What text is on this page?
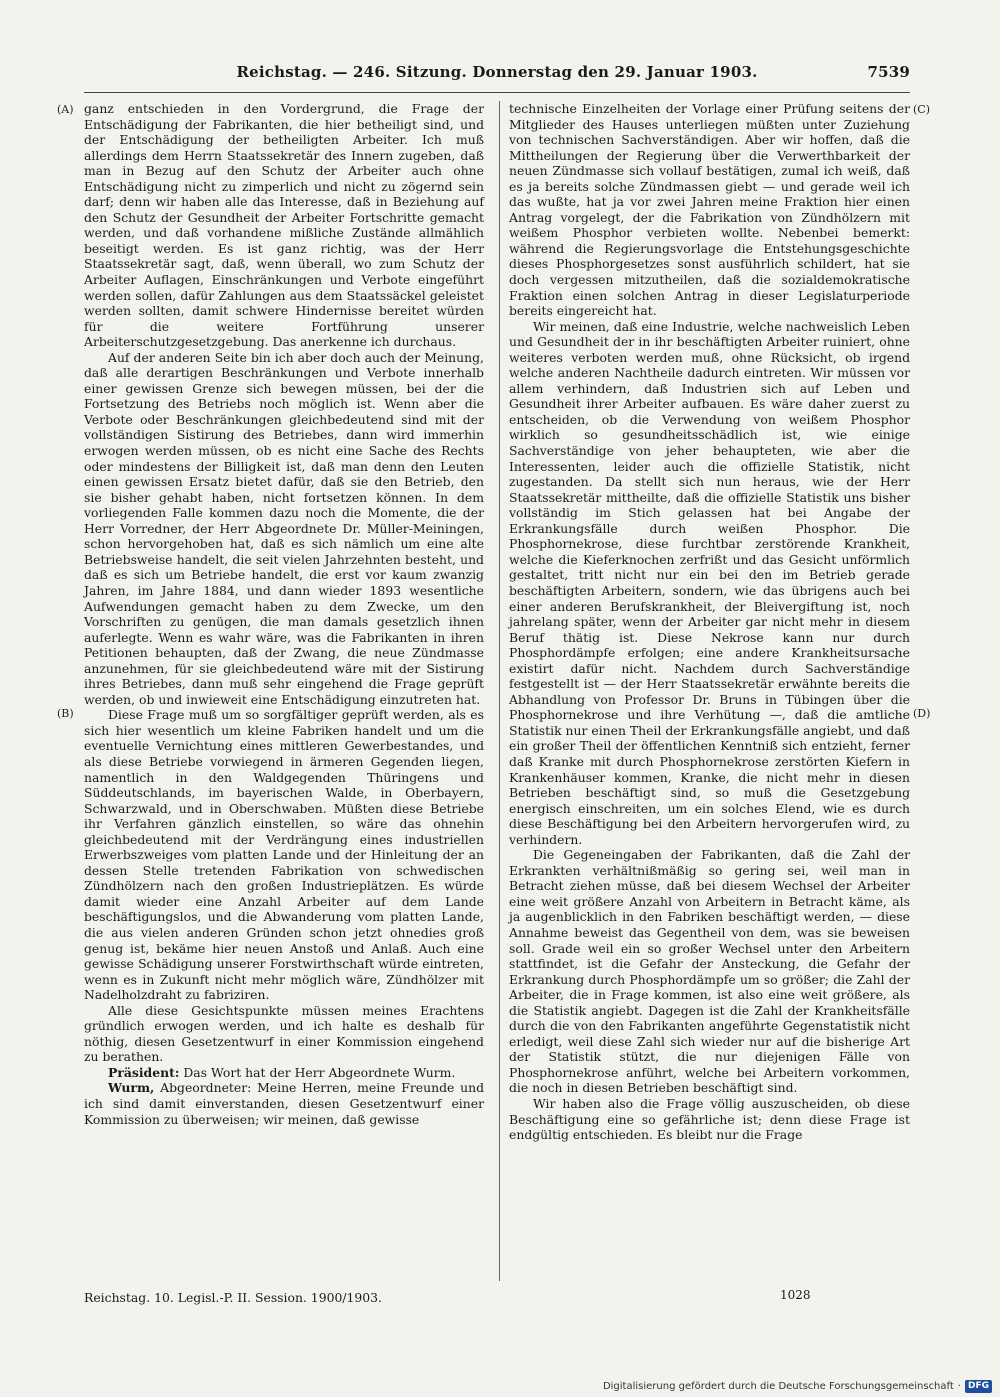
Reichstag. — 246. Sitzung. Donnerstag den 29. Januar 1903.	7539
(A)
(B)
(C)
(D)

ganz entschieden in den Vordergrund, die Frage der Entschädigung der Fabrikanten, die hier betheiligt sind, und der Entschädigung der betheiligten Arbeiter. Ich muß allerdings dem Herrn Staatssekretär des Innern zugeben, daß man in Bezug auf den Schutz der Arbeiter auch ohne Entschädigung nicht zu zimperlich und nicht zu zögernd sein darf; denn wir haben alle das Interesse, daß in Beziehung auf den Schutz der Gesundheit der Arbeiter Fortschritte gemacht werden, und daß vorhandene mißliche Zustände allmählich beseitigt werden. Es ist ganz richtig, was der Herr Staatssekretär sagt, daß, wenn überall, wo zum Schutz der Arbeiter Auflagen, Einschränkungen und Verbote eingeführt werden sollen, dafür Zahlungen aus dem Staatssäckel geleistet werden sollten, damit schwere Hindernisse bereitet würden für die weitere Fortführung unserer Arbeiterschutzgesetzgebung. Das anerkenne ich durchaus.

Auf der anderen Seite bin ich aber doch auch der Meinung, daß alle derartigen Beschränkungen und Verbote innerhalb einer gewissen Grenze sich bewegen müssen, bei der die Fortsetzung des Betriebs noch möglich ist. Wenn aber die Verbote oder Beschränkungen gleichbedeutend sind mit der vollständigen Sistirung des Betriebes, dann wird immerhin erwogen werden müssen, ob es nicht eine Sache des Rechts oder mindestens der Billigkeit ist, daß man denn den Leuten einen gewissen Ersatz bietet dafür, daß sie den Betrieb, den sie bisher gehabt haben, nicht fortsetzen können. In dem vorliegenden Falle kommen dazu noch die Momente, die der Herr Vorredner, der Herr Abgeordnete Dr. Müller-Meiningen, schon hervorgehoben hat, daß es sich nämlich um eine alte Betriebsweise handelt, die seit vielen Jahrzehnten besteht, und daß es sich um Betriebe handelt, die erst vor kaum zwanzig Jahren, im Jahre 1884, und dann wieder 1893 wesentliche Aufwendungen gemacht haben zu dem Zwecke, um den Vorschriften zu genügen, die man damals gesetzlich ihnen auferlegte. Wenn es wahr wäre, was die Fabrikanten in ihren Petitionen behaupten, daß der Zwang, die neue Zündmasse anzunehmen, für sie gleichbedeutend wäre mit der Sistirung ihres Betriebes, dann muß sehr eingehend die Frage geprüft werden, ob und inwieweit eine Entschädigung einzutreten hat.

Diese Frage muß um so sorgfältiger geprüft werden, als es sich hier wesentlich um kleine Fabriken handelt und um die eventuelle Vernichtung eines mittleren Gewerbestandes, und als diese Betriebe vorwiegend in ärmeren Gegenden liegen, namentlich in den Waldgegenden Thüringens und Süddeutschlands, im bayerischen Walde, in Oberbayern, Schwarzwald, und in Oberschwaben. Müßten diese Betriebe ihr Verfahren gänzlich einstellen, so wäre das ohnehin gleichbedeutend mit der Verdrängung eines industriellen Erwerbszweiges vom platten Lande und der Hinleitung der an dessen Stelle tretenden Fabrikation von schwedischen Zündhölzern nach den großen Industrieplätzen. Es würde damit wieder eine Anzahl Arbeiter auf dem Lande beschäftigungslos, und die Abwanderung vom platten Lande, die aus vielen anderen Gründen schon jetzt ohnedies groß genug ist, bekäme hier neuen Anstoß und Anlaß. Auch eine gewisse Schädigung unserer Forstwirthschaft würde eintreten, wenn es in Zukunft nicht mehr möglich wäre, Zündhölzer mit Nadelholzdraht zu fabriziren.

Alle diese Gesichtspunkte müssen meines Erachtens gründlich erwogen werden, und ich halte es deshalb für nöthig, diesen Gesetzentwurf in einer Kommission eingehend zu berathen.

Präsident: Das Wort hat der Herr Abgeordnete Wurm.

Wurm, Abgeordneter: Meine Herren, meine Freunde und ich sind damit einverstanden, diesen Gesetzentwurf einer Kommission zu überweisen; wir meinen, daß gewisse

technische Einzelheiten der Vorlage einer Prüfung seitens der Mitglieder des Hauses unterliegen müßten unter Zuziehung von technischen Sachverständigen. Aber wir hoffen, daß die Mittheilungen der Regierung über die Verwerthbarkeit der neuen Zündmasse sich vollauf bestätigen, zumal ich weiß, daß es ja bereits solche Zündmassen giebt — und gerade weil ich das wußte, hat ja vor zwei Jahren meine Fraktion hier einen Antrag vorgelegt, der die Fabrikation von Zündhölzern mit weißem Phosphor verbieten wollte. Nebenbei bemerkt: während die Regierungsvorlage die Entstehungsgeschichte dieses Phosphorgesetzes sonst ausführlich schildert, hat sie doch vergessen mitzutheilen, daß die sozialdemokratische Fraktion einen solchen Antrag in dieser Legislaturperiode bereits eingereicht hat.

Wir meinen, daß eine Industrie, welche nachweislich Leben und Gesundheit der in ihr beschäftigten Arbeiter ruiniert, ohne weiteres verboten werden muß, ohne Rücksicht, ob irgend welche anderen Nachtheile dadurch eintreten. Wir müssen vor allem verhindern, daß Industrien sich auf Leben und Gesundheit ihrer Arbeiter aufbauen. Es wäre daher zuerst zu entscheiden, ob die Verwendung von weißem Phosphor wirklich so gesundheitsschädlich ist, wie einige Sachverständige von jeher behaupteten, wie aber die Interessenten, leider auch die offizielle Statistik, nicht zugestanden. Da stellt sich nun heraus, wie der Herr Staatssekretär mittheilte, daß die offizielle Statistik uns bisher vollständig im Stich gelassen hat bei Angabe der Erkrankungsfälle durch weißen Phosphor. Die Phosphornekrose, diese furchtbar zerstörende Krankheit, welche die Kieferknochen zerfrißt und das Gesicht unförmlich gestaltet, tritt nicht nur ein bei den im Betrieb gerade beschäftigten Arbeitern, sondern, wie das übrigens auch bei einer anderen Berufskrankheit, der Bleivergiftung ist, noch jahrelang später, wenn der Arbeiter gar nicht mehr in diesem Beruf thätig ist. Diese Nekrose kann nur durch Phosphordämpfe erfolgen; eine andere Krankheitsursache existirt dafür nicht. Nachdem durch Sachverständige festgestellt ist — der Herr Staatssekretär erwähnte bereits die Abhandlung von Professor Dr. Bruns in Tübingen über die Phosphornekrose und ihre Verhütung —, daß die amtliche Statistik nur einen Theil der Erkrankungsfälle angiebt, und daß ein großer Theil der öffentlichen Kenntniß sich entzieht, ferner daß Kranke mit durch Phosphornekrose zerstörten Kiefern in Krankenhäuser kommen, Kranke, die nicht mehr in diesen Betrieben beschäftigt sind, so muß die Gesetzgebung energisch einschreiten, um ein solches Elend, wie es durch diese Beschäftigung bei den Arbeitern hervorgerufen wird, zu verhindern.

Die Gegeneingaben der Fabrikanten, daß die Zahl der Erkrankten verhältnißmäßig so gering sei, weil man in Betracht ziehen müsse, daß bei diesem Wechsel der Arbeiter eine weit größere Anzahl von Arbeitern in Betracht käme, als ja augenblicklich in den Fabriken beschäftigt werden, — diese Annahme beweist das Gegentheil von dem, was sie beweisen soll. Grade weil ein so großer Wechsel unter den Arbeitern stattfindet, ist die Gefahr der Ansteckung, die Gefahr der Erkrankung durch Phosphordämpfe um so größer; die Zahl der Arbeiter, die in Frage kommen, ist also eine weit größere, als die Statistik angiebt. Dagegen ist die Zahl der Krankheitsfälle durch die von den Fabrikanten angeführte Gegenstatistik nicht erledigt, weil diese Zahl sich wieder nur auf die bisherige Art der Statistik stützt, die nur diejenigen Fälle von Phosphornekrose anführt, welche bei Arbeitern vorkommen, die noch in diesen Betrieben beschäftigt sind.

Wir haben also die Frage völlig auszuscheiden, ob diese Beschäftigung eine so gefährliche ist; denn diese Frage ist endgültig entschieden. Es bleibt nur die Frage

Reichstag. 10. Legisl.-P. II. Session. 1900/1903.	1028
Digitalisierung gefördert durch die Deutsche Forschungsgemeinschaft · DFG
